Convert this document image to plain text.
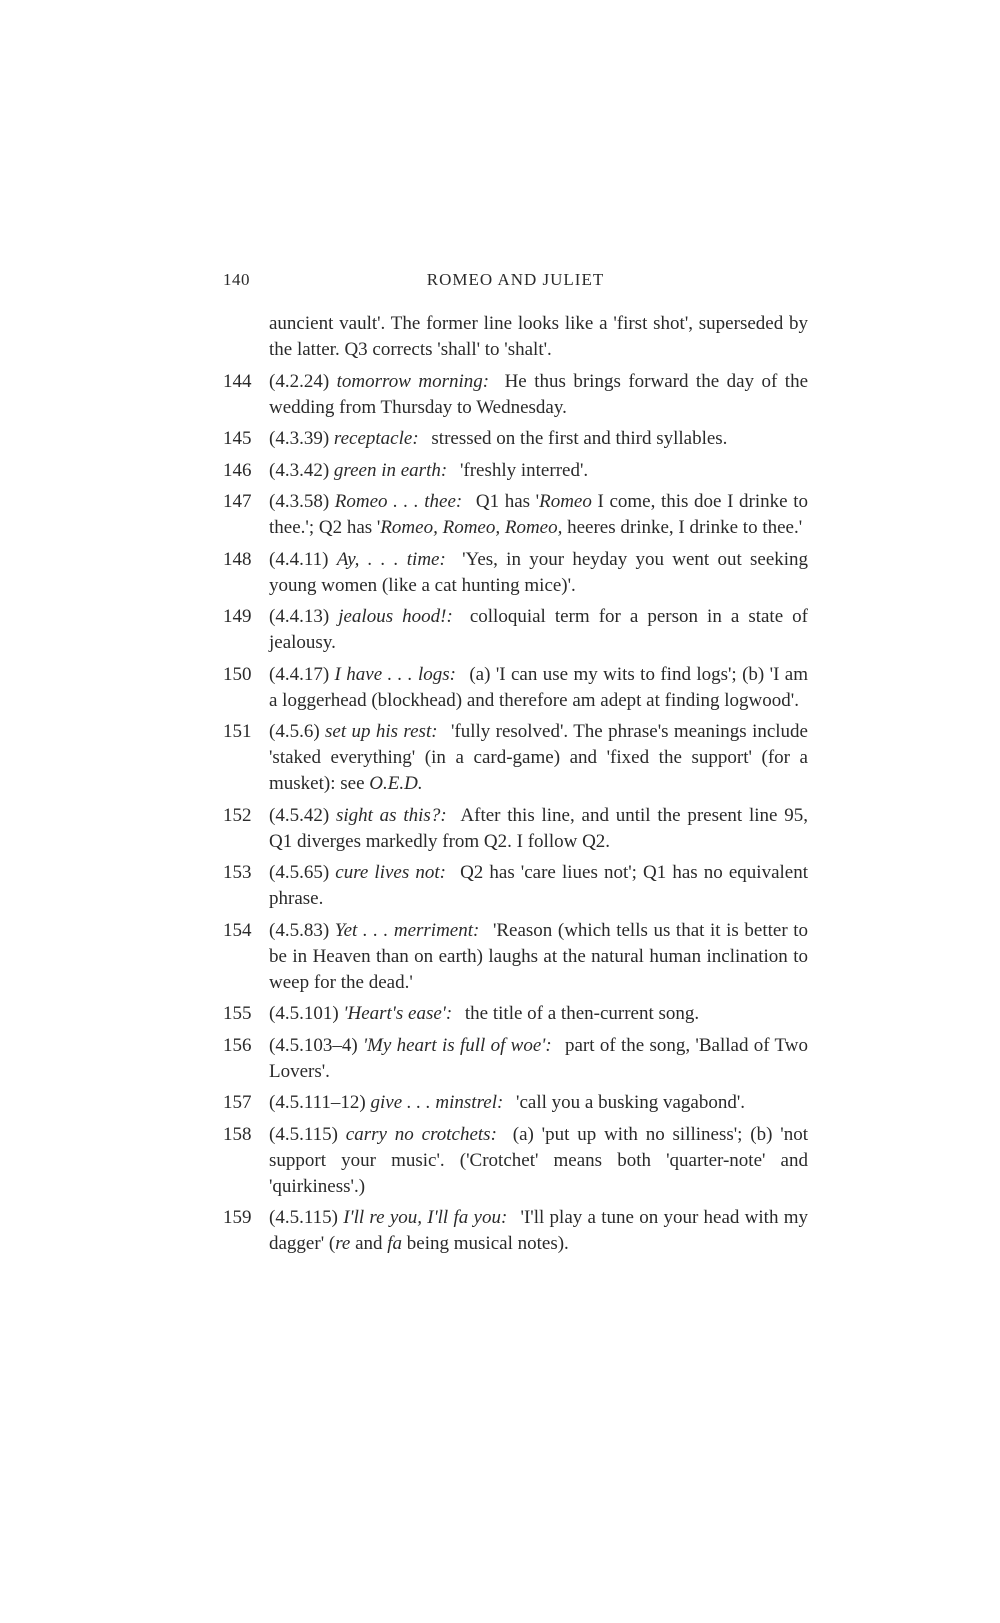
140	ROMEO AND JULIET

auncient vault'. The former line looks like a 'first shot', superseded by the latter. Q3 corrects 'shall' to 'shalt'.

144 (4.2.24) tomorrow morning: He thus brings forward the day of the wedding from Thursday to Wednesday.

145 (4.3.39) receptacle: stressed on the first and third syllables.

146 (4.3.42) green in earth: 'freshly interred'.

147 (4.3.58) Romeo . . . thee: Q1 has 'Romeo I come, this doe I drinke to thee.'; Q2 has 'Romeo, Romeo, Romeo, heeres drinke, I drinke to thee.'

148 (4.4.11) Ay, . . . time: 'Yes, in your heyday you went out seeking young women (like a cat hunting mice)'.

149 (4.4.13) jealous hood!: colloquial term for a person in a state of jealousy.

150 (4.4.17) I have . . . logs: (a) 'I can use my wits to find logs'; (b) 'I am a loggerhead (blockhead) and therefore am adept at finding logwood'.

151 (4.5.6) set up his rest: 'fully resolved'. The phrase's meanings include 'staked everything' (in a card-game) and 'fixed the support' (for a musket): see O.E.D.

152 (4.5.42) sight as this?: After this line, and until the present line 95, Q1 diverges markedly from Q2. I follow Q2.

153 (4.5.65) cure lives not: Q2 has 'care liues not'; Q1 has no equivalent phrase.

154 (4.5.83) Yet . . . merriment: 'Reason (which tells us that it is better to be in Heaven than on earth) laughs at the natural human inclination to weep for the dead.'

155 (4.5.101) 'Heart's ease': the title of a then-current song.

156 (4.5.103–4) 'My heart is full of woe': part of the song, 'Ballad of Two Lovers'.

157 (4.5.111–12) give . . . minstrel: 'call you a busking vagabond'.

158 (4.5.115) carry no crotchets: (a) 'put up with no silliness'; (b) 'not support your music'. ('Crotchet' means both 'quarter-note' and 'quirkiness'.)

159 (4.5.115) I'll re you, I'll fa you: 'I'll play a tune on your head with my dagger' (re and fa being musical notes).
